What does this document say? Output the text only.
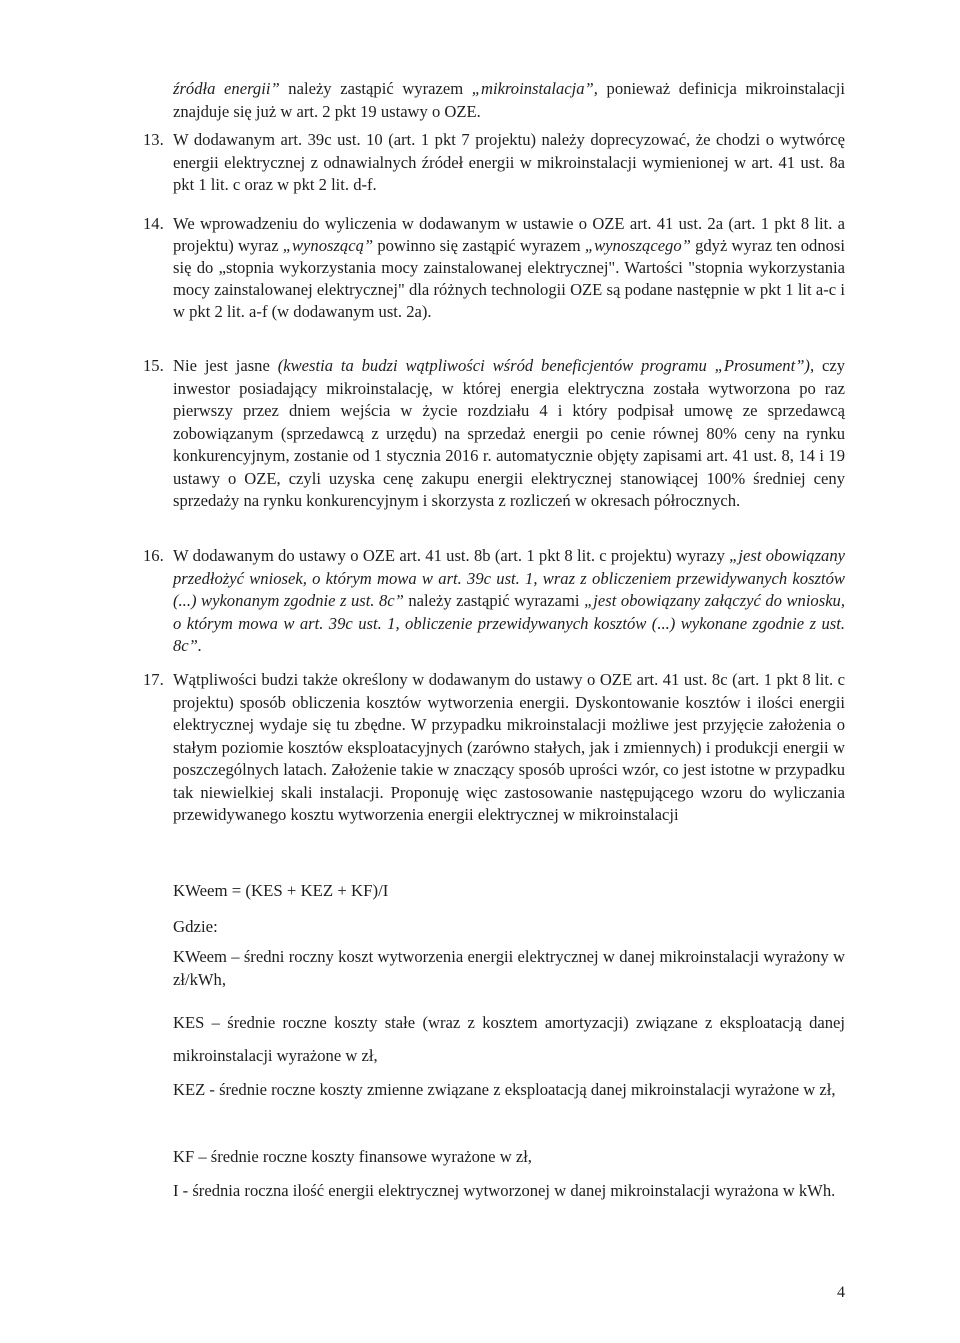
źródła energii” należy zastąpić wyrazem „mikroinstalacja”, ponieważ definicja mikroinstalacji znajduje się już w art. 2 pkt 19 ustawy o OZE.
13. W dodawanym art. 39c ust. 10 (art. 1 pkt 7 projektu) należy doprecyzować, że chodzi o wytwórcę energii elektrycznej z odnawialnych źródeł energii w mikroinstalacji wymienionej w art. 41 ust. 8a pkt 1 lit. c oraz w pkt 2 lit. d-f.
14. We wprowadzeniu do wyliczenia w dodawanym w ustawie o OZE art. 41 ust. 2a (art. 1 pkt 8 lit. a projektu) wyraz „wynoszącą” powinno się zastąpić wyrazem „wynoszącego” gdyż wyraz ten odnosi się do „stopnia wykorzystania mocy zainstalowanej elektrycznej". Wartości "stopnia wykorzystania mocy zainstalowanej elektrycznej" dla różnych technologii OZE są podane następnie w pkt 1 lit a-c i w pkt 2 lit. a-f (w dodawanym ust. 2a).
15. Nie jest jasne (kwestia ta budzi wątpliwości wśród beneficjentów programu „Prosument”), czy inwestor posiadający mikroinstalację, w której energia elektryczna została wytworzona po raz pierwszy przez dniem wejścia w życie rozdziału 4 i który podpisał umowę ze sprzedawcą zobowiązanym (sprzedawcą z urzędu) na sprzedaż energii po cenie równej 80% ceny na rynku konkurencyjnym, zostanie od 1 stycznia 2016 r. automatycznie objęty zapisami art. 41 ust. 8, 14 i 19 ustawy o OZE, czyli uzyska cenę zakupu energii elektrycznej stanowiącej 100% średniej ceny sprzedaży na rynku konkurencyjnym i skorzysta z rozliczeń w okresach półrocznych.
16. W dodawanym do ustawy o OZE art. 41 ust. 8b (art. 1 pkt 8 lit. c projektu) wyrazy „jest obowiązany przedłożyć wniosek, o którym mowa w art. 39c ust. 1, wraz z obliczeniem przewidywanych kosztów (...) wykonanym zgodnie z ust. 8c” należy zastąpić wyrazami „jest obowiązany załączyć do wniosku, o którym mowa w art. 39c ust. 1, obliczenie przewidywanych kosztów (...) wykonane zgodnie z ust. 8c”.
17. Wątpliwości budzi także określony w dodawanym do ustawy o OZE art. 41 ust. 8c (art. 1 pkt 8 lit. c projektu) sposób obliczenia kosztów wytworzenia energii. Dyskontowanie kosztów i ilości energii elektrycznej wydaje się tu zbędne. W przypadku mikroinstalacji możliwe jest przyjęcie założenia o stałym poziomie kosztów eksploatacyjnych (zarówno stałych, jak i zmiennych) i produkcji energii w poszczególnych latach. Założenie takie w znaczący sposób uprości wzór, co jest istotne w przypadku tak niewielkiej skali instalacji. Proponuję więc zastosowanie następującego wzoru do wyliczania przewidywanego kosztu wytworzenia energii elektrycznej w mikroinstalacji
KWeem = (KES + KEZ + KF)/I
Gdzie:
KWeem – średni roczny koszt wytworzenia energii elektrycznej w danej mikroinstalacji wyrażony w zł/kWh,
KES – średnie roczne koszty stałe (wraz z kosztem amortyzacji) związane z eksploatacją danej mikroinstalacji wyrażone w zł,
KEZ - średnie roczne koszty zmienne związane z eksploatacją danej mikroinstalacji wyrażone w zł,
KF – średnie roczne koszty finansowe wyrażone w zł,
I - średnia roczna ilość energii elektrycznej wytworzonej w danej mikroinstalacji wyrażona w kWh.
4
